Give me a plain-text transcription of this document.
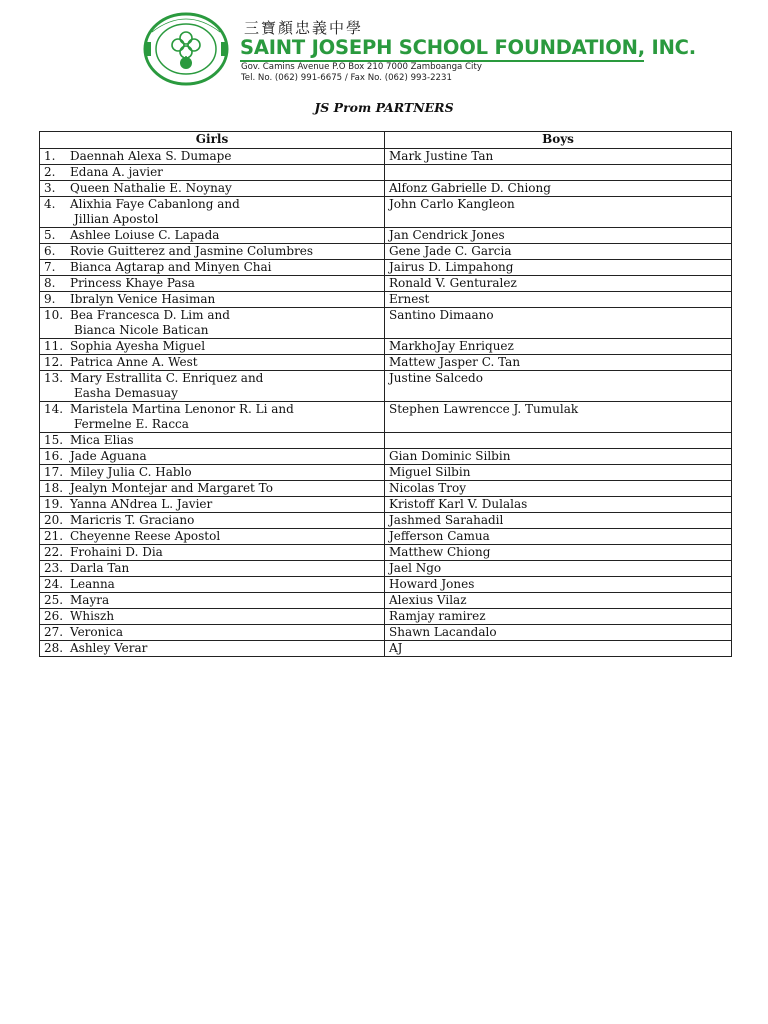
三寶顏忠義中學
SAINT JOSEPH SCHOOL FOUNDATION, INC.
Gov. Camins Avenue P.O Box 210 7000 Zamboanga City
Tel. No. (062) 991-6675 / Fax No. (062) 993-2231
JS Prom PARTNERS
Girls	Boys
1. Daennah Alexa S. Dumape	Mark Justine Tan
2. Edana A. javier	
3. Queen Nathalie E. Noynay	Alfonz Gabrielle D. Chiong
4. Alixhia Faye Cabanlong and
Jillian Apostol	John Carlo Kangleon
5. Ashlee Loiuse C. Lapada	Jan Cendrick Jones
6. Rovie Guitterez and Jasmine Columbres	Gene Jade C. Garcia
7. Bianca Agtarap and Minyen Chai	Jairus D. Limpahong
8. Princess Khaye Pasa	Ronald V. Genturalez
9. Ibralyn Venice Hasiman	Ernest
10. Bea Francesca D. Lim and
Bianca Nicole Batican	Santino Dimaano
11. Sophia Ayesha Miguel	MarkhoJay Enriquez
12. Patrica Anne A. West	Mattew Jasper C. Tan
13. Mary Estrallita C. Enriquez and
Easha Demasuay	Justine Salcedo
14. Maristela Martina Lenonor R. Li and
Fermelne E. Racca	Stephen Lawrencce J. Tumulak
15. Mica Elias	
16. Jade Aguana	Gian Dominic Silbin
17. Miley Julia C. Hablo	Miguel Silbin
18. Jealyn Montejar and Margaret To	Nicolas Troy
19. Yanna ANdrea L. Javier	Kristoff Karl V. Dulalas
20. Maricris T. Graciano	Jashmed Sarahadil
21. Cheyenne Reese Apostol	Jefferson Camua
22. Frohaini D. Dia	Matthew Chiong
23. Darla Tan	Jael Ngo
24. Leanna	Howard Jones
25. Mayra	Alexius Vilaz
26. Whiszh	Ramjay ramirez
27. Veronica	Shawn Lacandalo
28. Ashley Verar	AJ
